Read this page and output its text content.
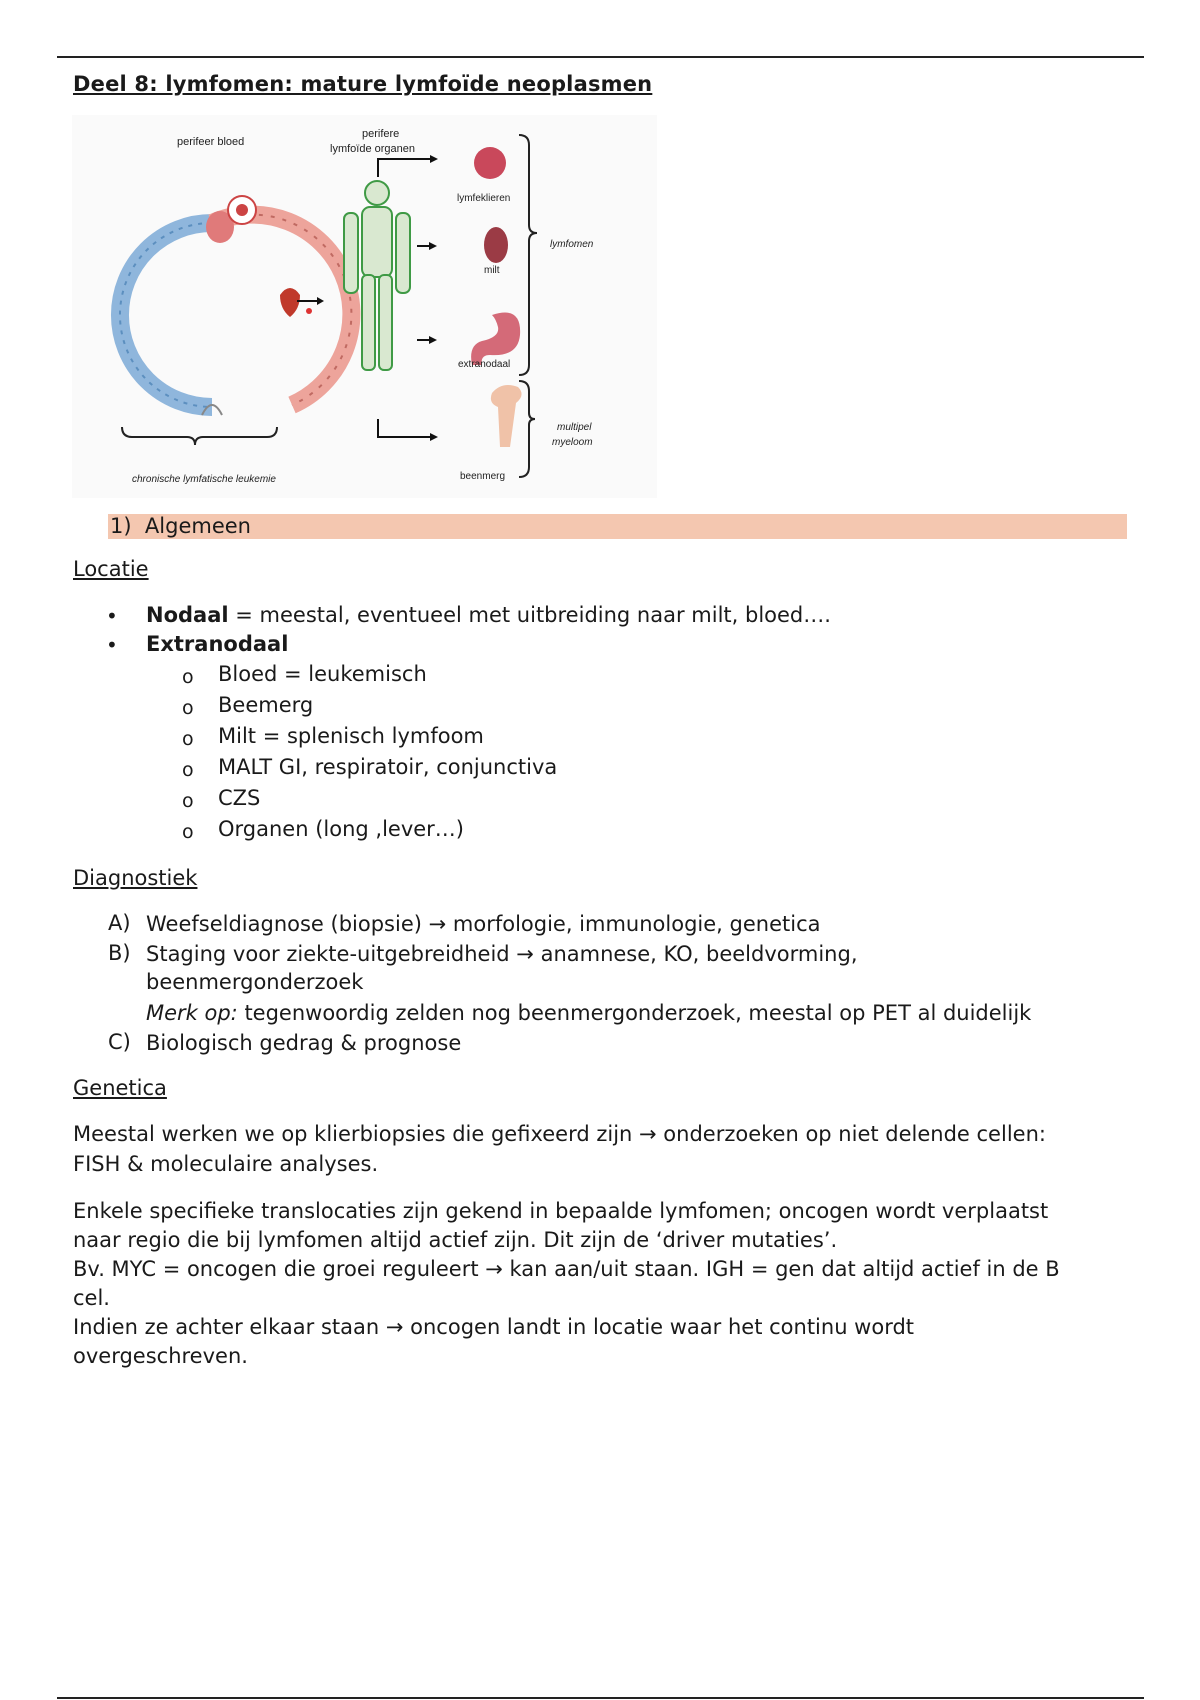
Deel 8: lymfomen: mature lymfoïde neoplasmen
perifeer bloed
perifere
lymfoïde organen
lymfeklieren
milt
extranodaal
beenmerg
lymfomen
multipel
myeloom
chronische lymfatische leukemie
1) Algemeen
Locatie
• Nodaal = meestal, eventueel met uitbreiding naar milt, bloed….
• Extranodaal
o Bloed = leukemisch
o Beemerg
o Milt = splenisch lymfoom
o MALT GI, respiratoir, conjunctiva
o CZS
o Organen (long ,lever…)
Diagnostiek
A) Weefseldiagnose (biopsie) → morfologie, immunologie, genetica
B) Staging voor ziekte-uitgebreidheid → anamnese, KO, beeldvorming,
beenmergonderzoek
Merk op: tegenwoordig zelden nog beenmergonderzoek, meestal op PET al duidelijk
C) Biologisch gedrag & prognose
Genetica
Meestal werken we op klierbiopsies die gefixeerd zijn → onderzoeken op niet delende cellen:
FISH & moleculaire analyses.
Enkele specifieke translocaties zijn gekend in bepaalde lymfomen; oncogen wordt verplaatst
naar regio die bij lymfomen altijd actief zijn. Dit zijn de ‘driver mutaties’.
Bv. MYC = oncogen die groei reguleert → kan aan/uit staan. IGH = gen dat altijd actief in de B
cel.
Indien ze achter elkaar staan → oncogen landt in locatie waar het continu wordt
overgeschreven.
